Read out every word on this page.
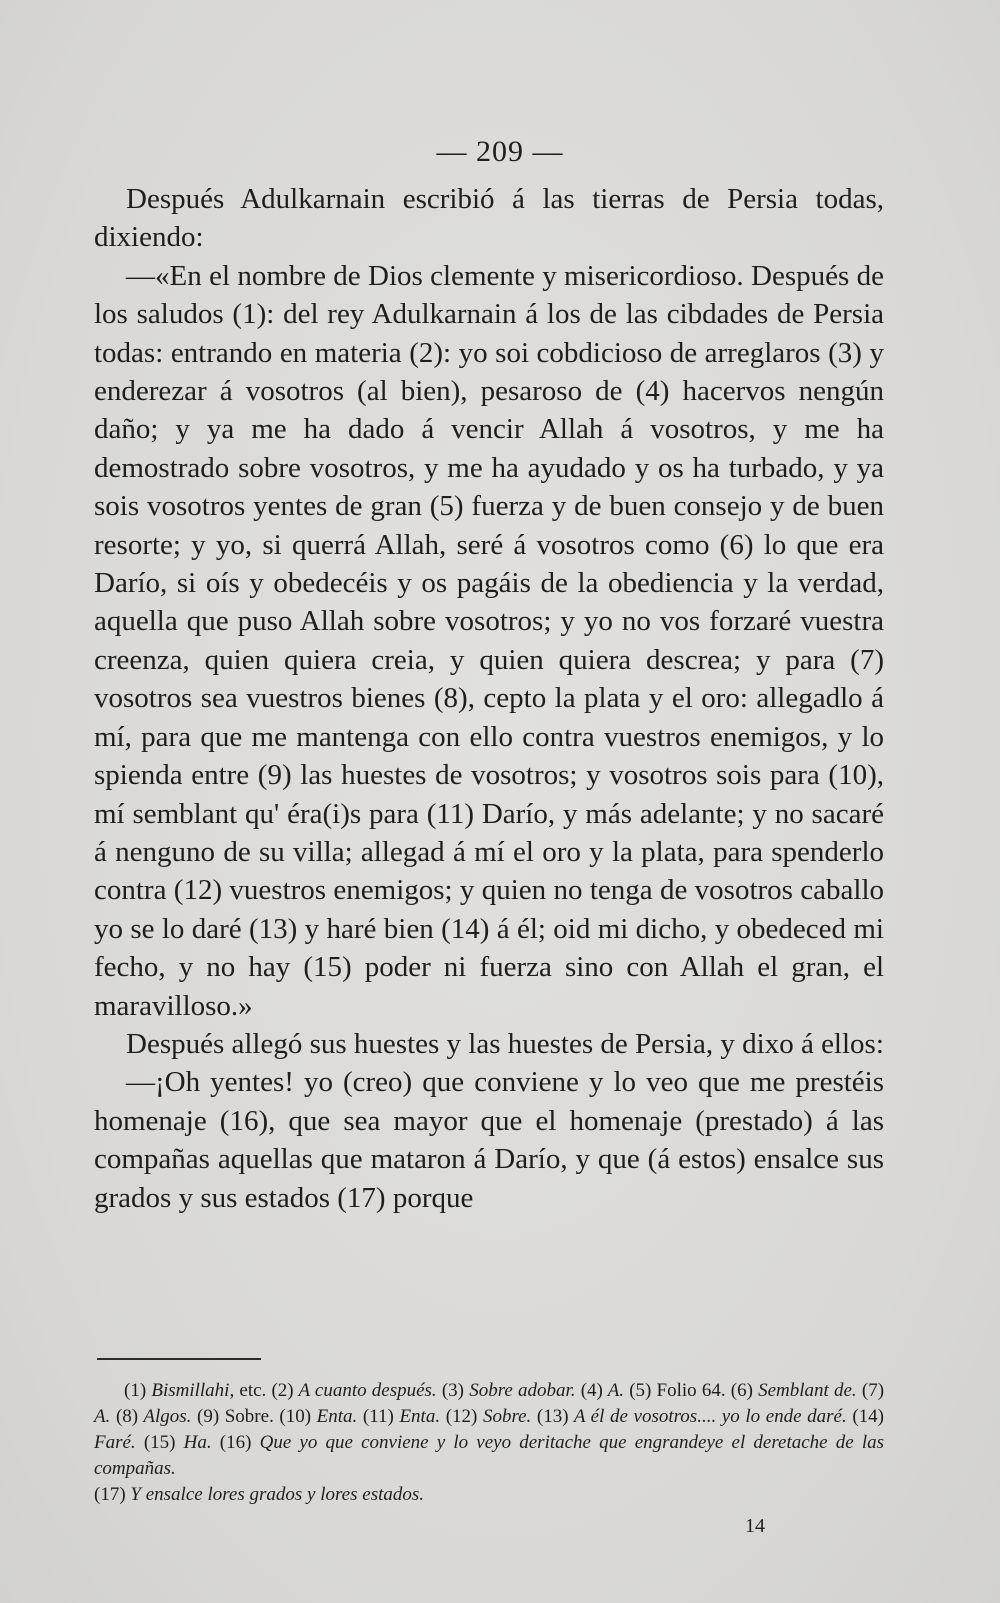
— 209 —

Después Adulkarnain escribió á las tierras de Persia todas, dixiendo:

—«En el nombre de Dios clemente y misericordioso. Después de los saludos (1): del rey Adulkarnain á los de las cibdades de Persia todas: entrando en materia (2): yo soi cobdicioso de arreglaros (3) y enderezar á vosotros (al bien), pesaroso de (4) hacervos nengún daño; y ya me ha dado á vencir Allah á vosotros, y me ha demostrado sobre vosotros, y me ha ayudado y os ha turbado, y ya sois vosotros yentes de gran (5) fuerza y de buen consejo y de buen resorte; y yo, si querrá Allah, seré á vosotros como (6) lo que era Darío, si oís y obedecéis y os pagáis de la obediencia y la verdad, aquella que puso Allah sobre vosotros; y yo no vos forzaré vuestra creenza, quien quiera creia, y quien quiera descrea; y para (7) vosotros sea vuestros bienes (8), cepto la plata y el oro: allegadlo á mí, para que me mantenga con ello contra vuestros enemigos, y lo spienda entre (9) las huestes de vosotros; y vosotros sois para (10), mí semblant qu' éra(i)s para (11) Darío, y más adelante; y no sacaré á nenguno de su villa; allegad á mí el oro y la plata, para spenderlo contra (12) vuestros enemigos; y quien no tenga de vosotros caballo yo se lo daré (13) y haré bien (14) á él; oid mi dicho, y obedeced mi fecho, y no hay (15) poder ni fuerza sino con Allah el gran, el maravilloso.»

Después allegó sus huestes y las huestes de Persia, y dixo á ellos:

—¡Oh yentes! yo (creo) que conviene y lo veo que me prestéis homenaje (16), que sea mayor que el homenaje (prestado) á las compañas aquellas que mataron á Darío, y que (á estos) ensalce sus grados y sus estados (17) porque

(1) Bismillahi, etc. (2) A cuanto después. (3) Sobre adobar. (4) A. (5) Folio 64. (6) Semblant de. (7) A. (8) Algos. (9) Sobre. (10) Enta. (11) Enta. (12) Sobre. (13) A él de vosotros.... yo lo ende daré. (14) Faré. (15) Ha. (16) Que yo que conviene y lo veyo deritache que engrandeye el deretache de las compañas.

(17) Y ensalce lores grados y lores estados.

14
